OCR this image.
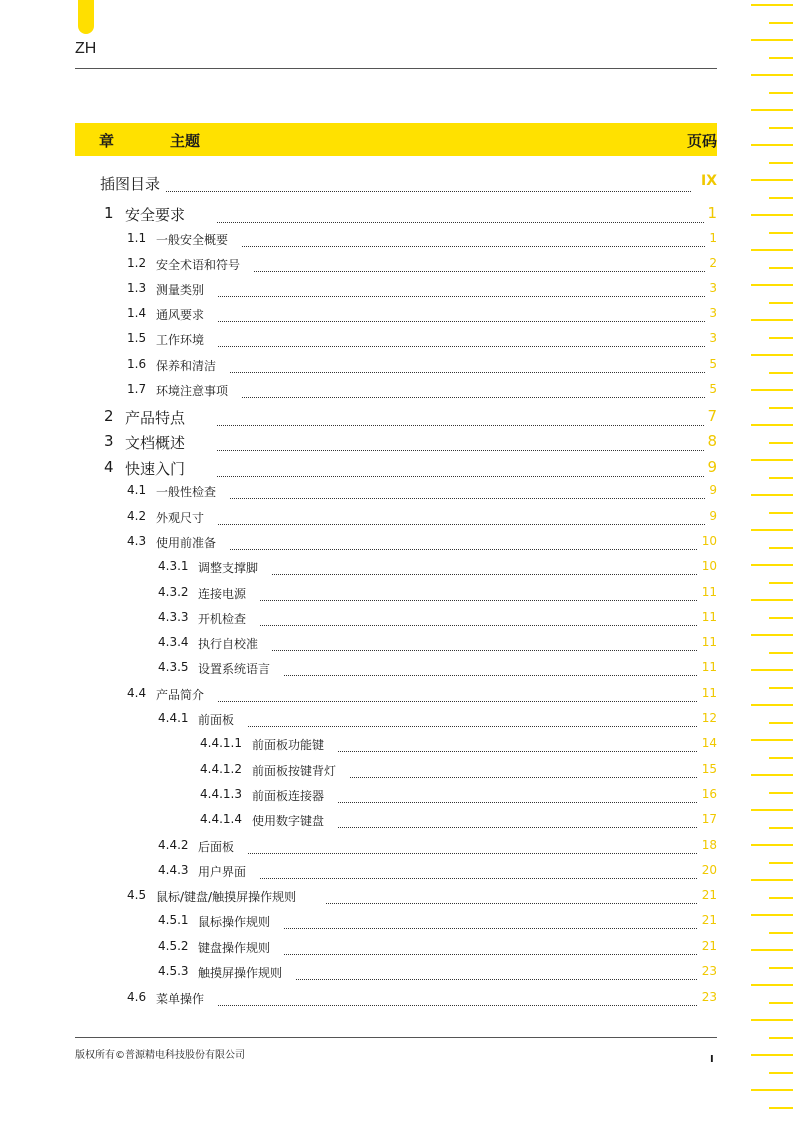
ZH
章	主题	页码
插图目录	IX
1 安全要求	1
1.1 一般安全概要	1
1.2 安全术语和符号	2
1.3 测量类别	3
1.4 通风要求	3
1.5 工作环境	3
1.6 保养和清洁	5
1.7 环境注意事项	5
2 产品特点	7
3 文档概述	8
4 快速入门	9
4.1 一般性检查	9
4.2 外观尺寸	9
4.3 使用前准备	10
4.3.1 调整支撑脚	10
4.3.2 连接电源	11
4.3.3 开机检查	11
4.3.4 执行自校准	11
4.3.5 设置系统语言	11
4.4 产品简介	11
4.4.1 前面板	12
4.4.1.1 前面板功能键	14
4.4.1.2 前面板按键背灯	15
4.4.1.3 前面板连接器	16
4.4.1.4 使用数字键盘	17
4.4.2 后面板	18
4.4.3 用户界面	20
4.5 鼠标/键盘/触摸屏操作规则	21
4.5.1 鼠标操作规则	21
4.5.2 键盘操作规则	21
4.5.3 触摸屏操作规则	23
4.6 菜单操作	23
版权所有©普源精电科技股份有限公司	I
